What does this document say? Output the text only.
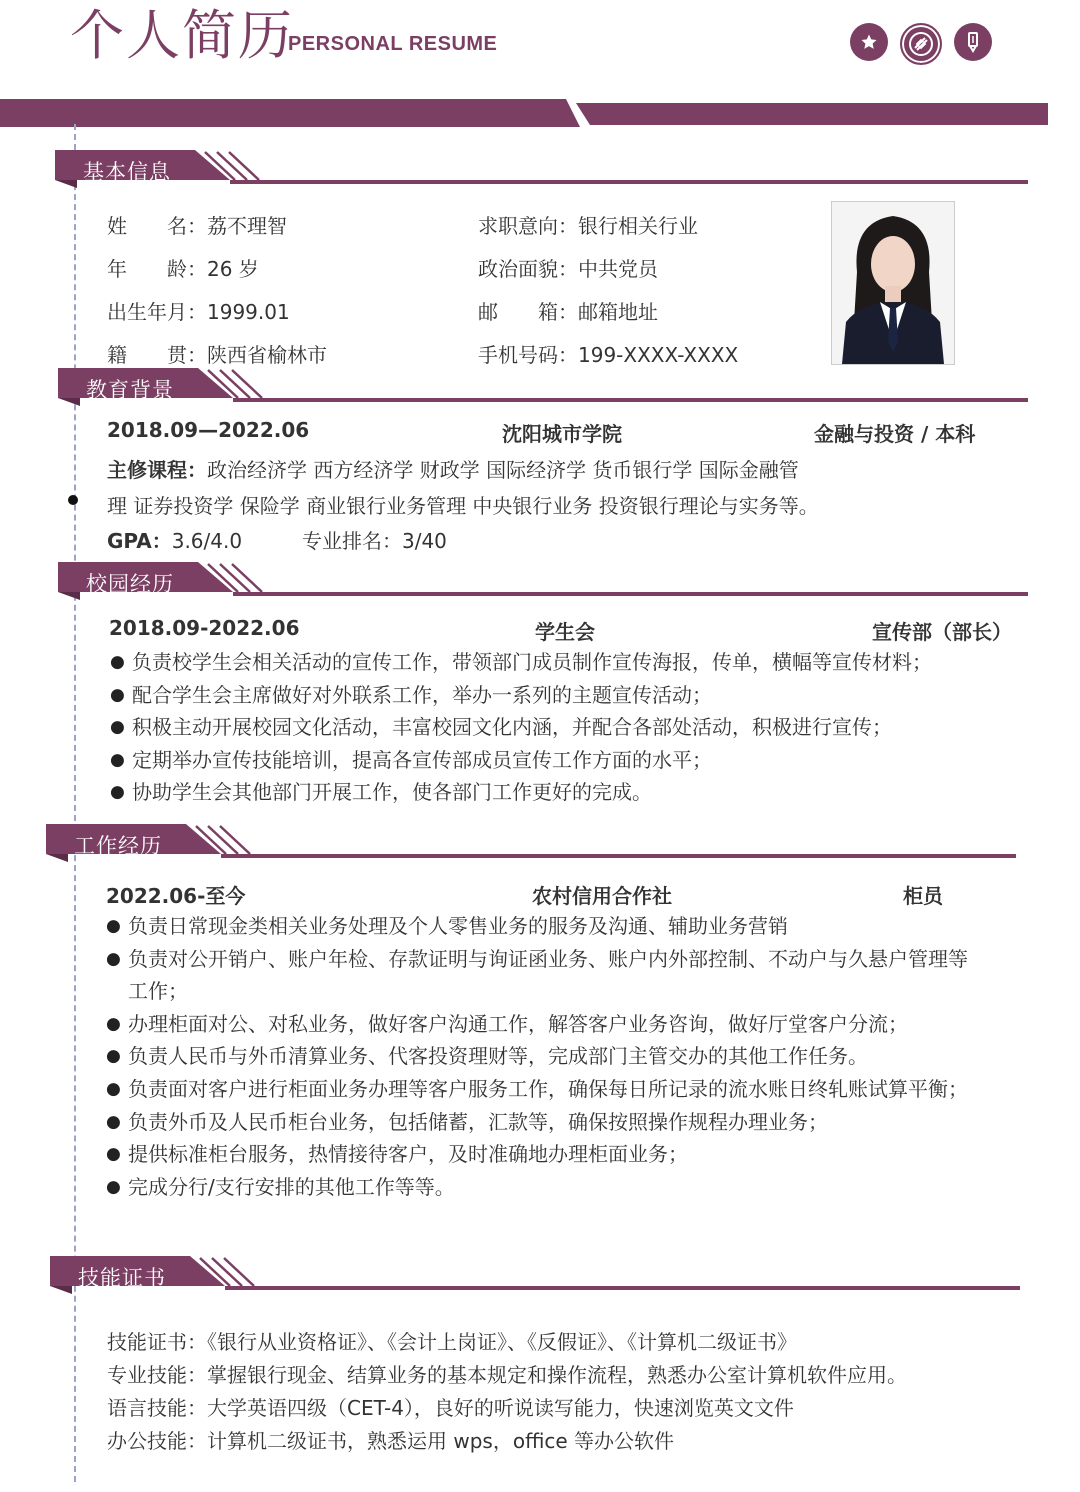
个人简历
PERSONAL RESUME
基本信息
教育背景
校园经历
工作经历
技能证书
姓　　名：荔不理智
年　　龄：26 岁
出生年月：1999.01
籍　　贯：陕西省榆林市
求职意向：银行相关行业
政治面貌：中共党员
邮　　箱：邮箱地址
手机号码：199-XXXX-XXXX
2018.09—2022.06	沈阳城市学院	金融与投资 / 本科
主修课程：政治经济学 西方经济学 财政学 国际经济学 货币银行学 国际金融管
理 证券投资学 保险学 商业银行业务管理 中央银行业务 投资银行理论与实务等。
GPA：3.6/4.0	专业排名：3/40
2018.09-2022.06	学生会	宣传部（部长）
● 负责校学生会相关活动的宣传工作，带领部门成员制作宣传海报，传单，横幅等宣传材料；
● 配合学生会主席做好对外联系工作，举办一系列的主题宣传活动；
● 积极主动开展校园文化活动，丰富校园文化内涵，并配合各部处活动，积极进行宣传；
● 定期举办宣传技能培训，提高各宣传部成员宣传工作方面的水平；
● 协助学生会其他部门开展工作，使各部门工作更好的完成。
2022.06-至今	农村信用合作社	柜员
● 负责日常现金类相关业务处理及个人零售业务的服务及沟通、辅助业务营销
● 负责对公开销户、账户年检、存款证明与询证函业务、账户内外部控制、不动户与久悬户管理等工作；
● 办理柜面对公、对私业务，做好客户沟通工作，解答客户业务咨询，做好厅堂客户分流；
● 负责人民币与外币清算业务、代客投资理财等，完成部门主管交办的其他工作任务。
● 负责面对客户进行柜面业务办理等客户服务工作，确保每日所记录的流水账日终轧账试算平衡；
● 负责外币及人民币柜台业务，包括储蓄，汇款等，确保按照操作规程办理业务；
● 提供标准柜台服务，热情接待客户，及时准确地办理柜面业务；
● 完成分行/支行安排的其他工作等等。
技能证书：《银行从业资格证》、《会计上岗证》、《反假证》、《计算机二级证书》
专业技能：掌握银行现金、结算业务的基本规定和操作流程，熟悉办公室计算机软件应用。
语言技能：大学英语四级（CET-4），良好的听说读写能力，快速浏览英文文件
办公技能：计算机二级证书，熟悉运用 wps，office 等办公软件
